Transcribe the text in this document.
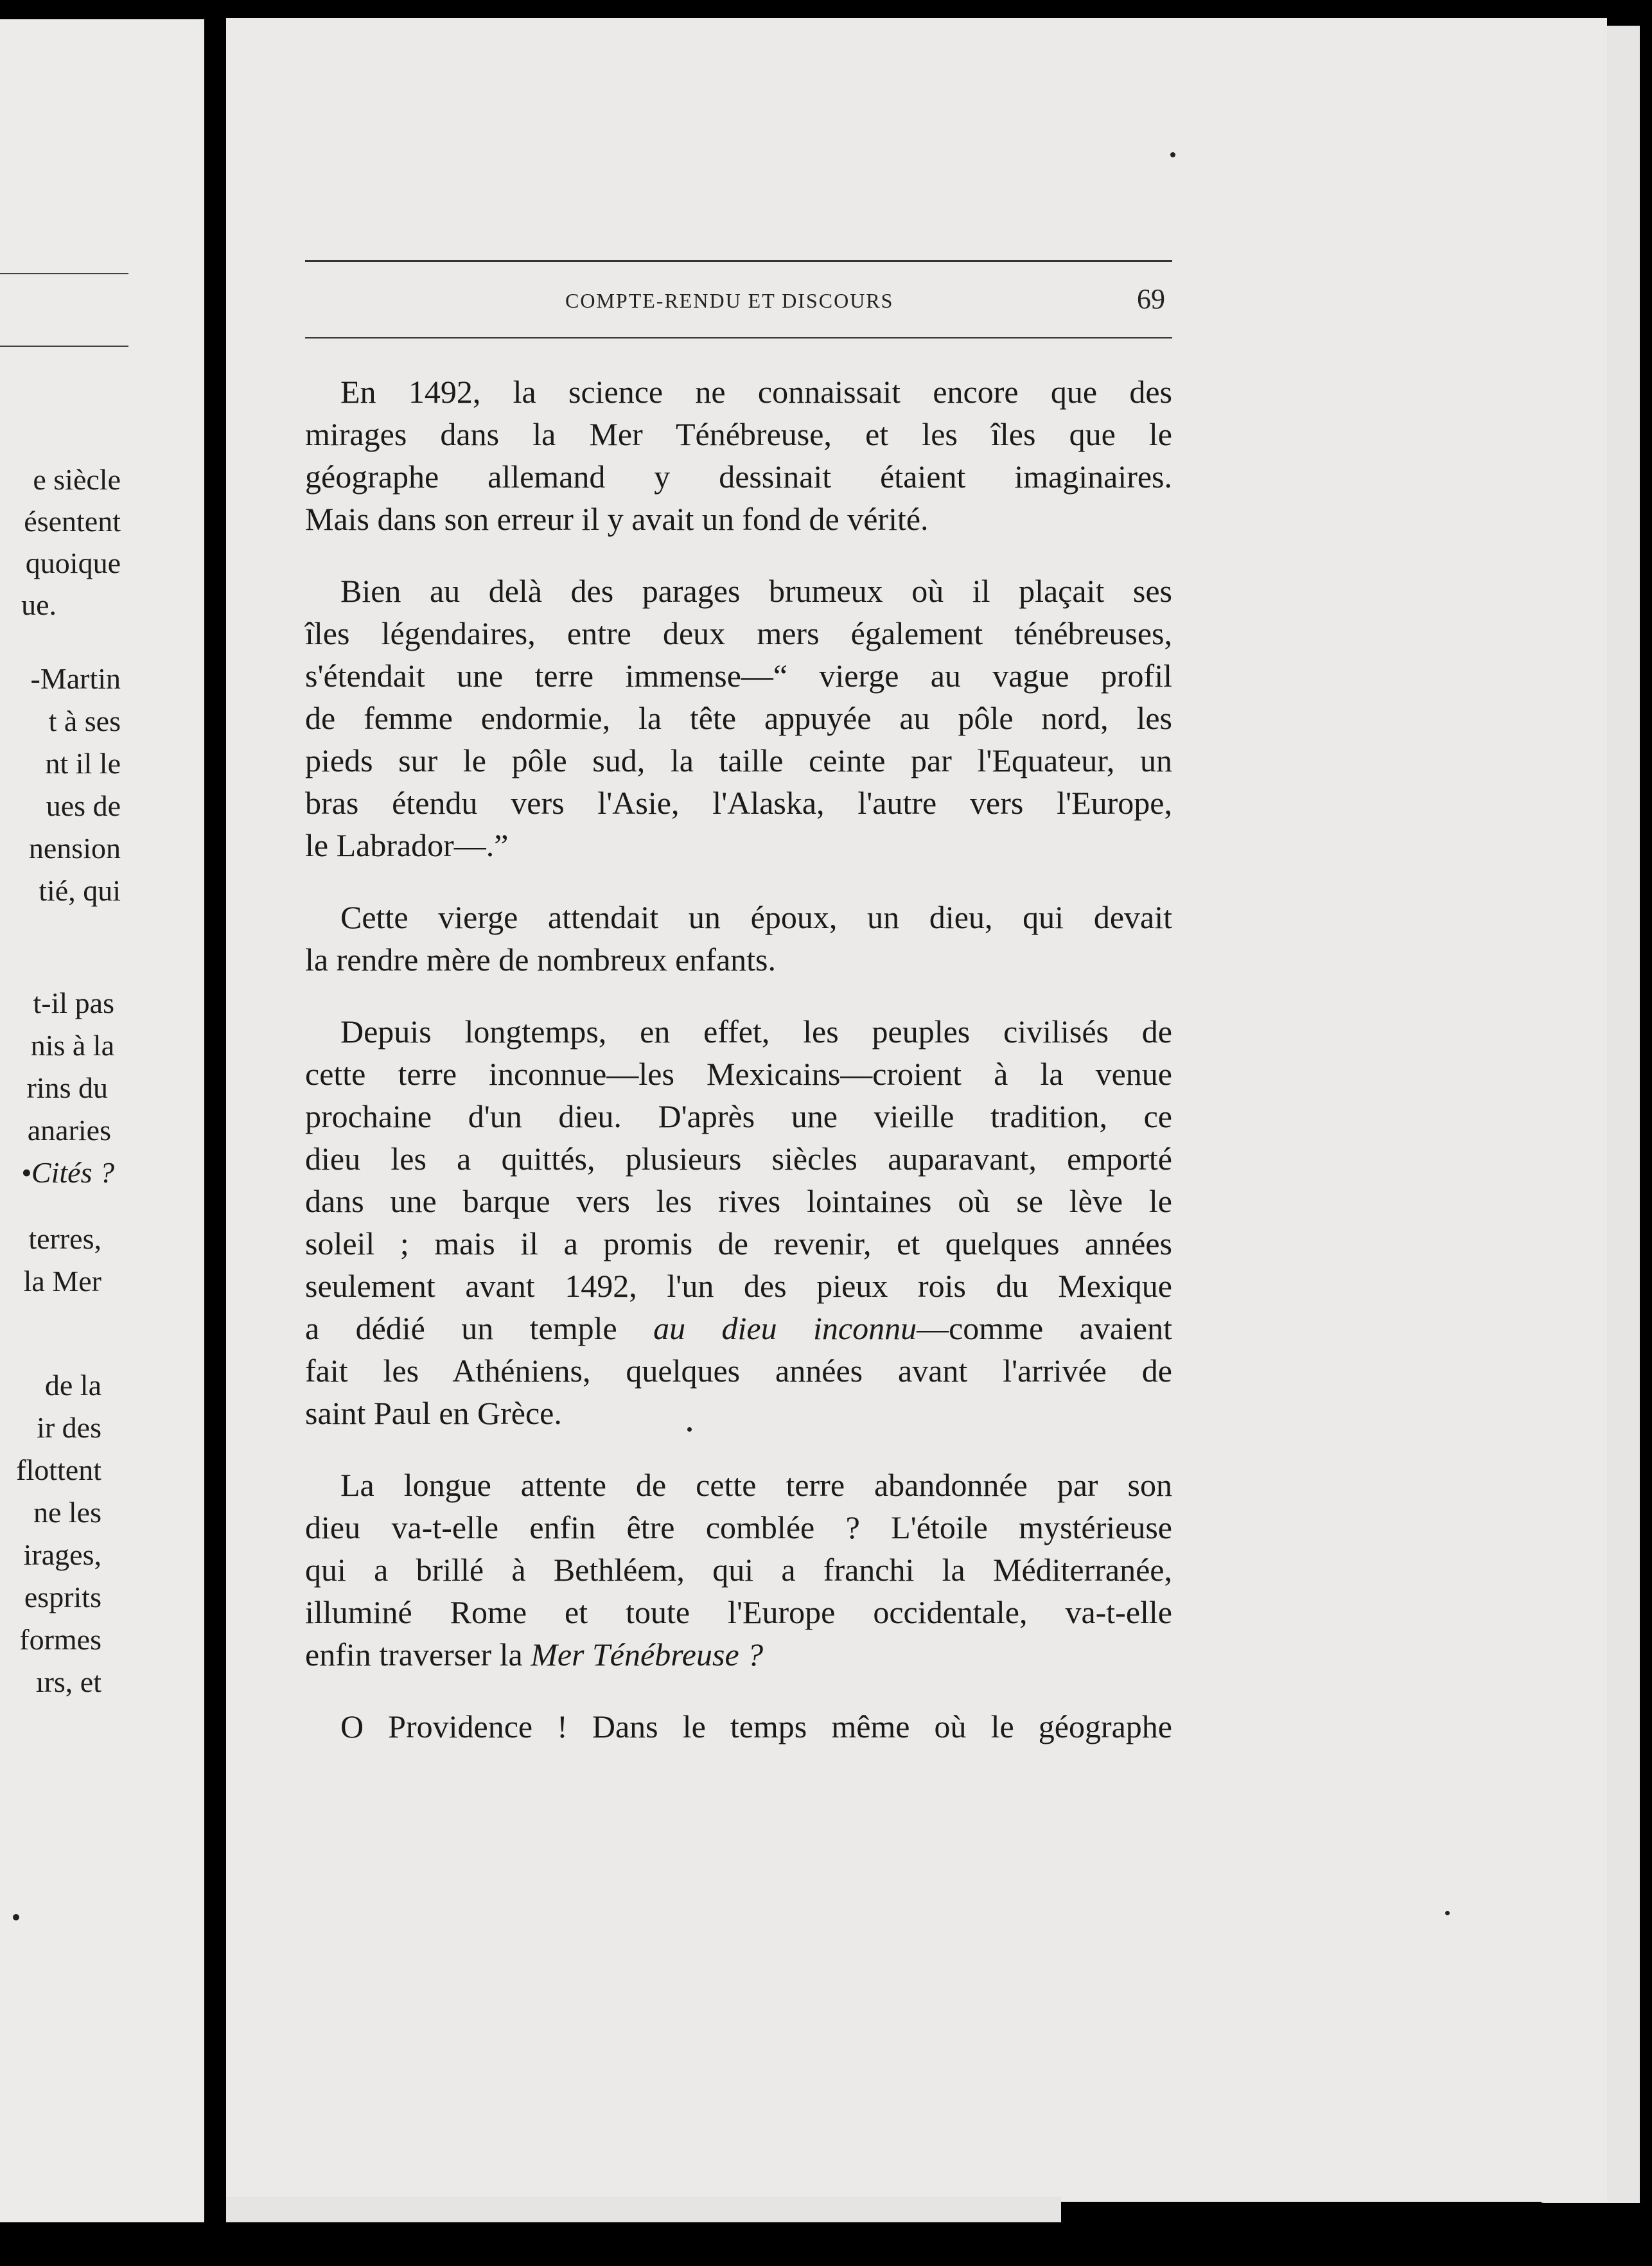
e siècle
ésentent
quoique
ue.
-Martin
t à ses
nt il le
ues de
nension
tié, qui
t-il pas
nis à la
rins du
anaries
•Cités ?
terres,
la Mer
de la
ir des
flottent
ne les
irages,
esprits
formes
ırs, et
COMPTE-RENDU ET DISCOURS	69
En 1492, la science ne connaissait encore que des
mirages dans la Mer Ténébreuse, et les îles que le
géographe allemand y dessinait étaient imaginaires.
Mais dans son erreur il y avait un fond de vérité.
Bien au delà des parages brumeux où il plaçait ses
îles légendaires, entre deux mers également ténébreuses,
s'étendait une terre immense—“ vierge au vague profil
de femme endormie, la tête appuyée au pôle nord, les
pieds sur le pôle sud, la taille ceinte par l'Equateur, un
bras étendu vers l'Asie, l'Alaska, l'autre vers l'Europe,
le Labrador—.”
Cette vierge attendait un époux, un dieu, qui devait
la rendre mère de nombreux enfants.
Depuis longtemps, en effet, les peuples civilisés de
cette terre inconnue—les Mexicains—croient à la venue
prochaine d'un dieu. D'après une vieille tradition, ce
dieu les a quittés, plusieurs siècles auparavant, emporté
dans une barque vers les rives lointaines où se lève le
soleil ; mais il a promis de revenir, et quelques années
seulement avant 1492, l'un des pieux rois du Mexique
a dédié un temple au dieu inconnu—comme avaient
fait les Athéniens, quelques années avant l'arrivée de
saint Paul en Grèce.
La longue attente de cette terre abandonnée par son
dieu va-t-elle enfin être comblée ? L'étoile mystérieuse
qui a brillé à Bethléem, qui a franchi la Méditerranée,
illuminé Rome et toute l'Europe occidentale, va-t-elle
enfin traverser la Mer Ténébreuse ?
O Providence ! Dans le temps même où le géographe
